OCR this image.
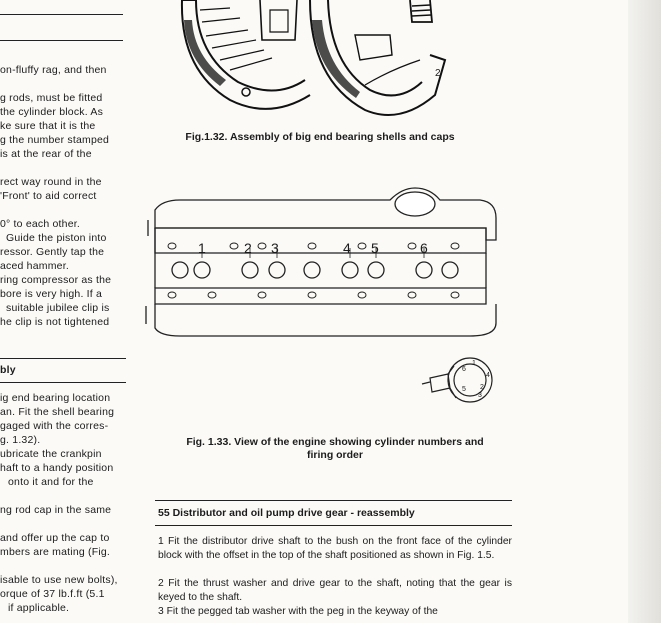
on-fluffy rag, and then
g rods, must be fitted
the cylinder block. As
ke sure that it is the
g the number stamped
is at the rear of the
rect way round in the
'Front' to aid correct
0° to each other.
Guide the piston into
ressor. Gently tap the
aced hammer.
ring compressor as the
bore is very high. If a
suitable jubilee clip is
he clip is not tightened
bly
ig end bearing location
an. Fit the shell bearing
gaged with the corres-
g. 1.32).
ubricate the crankpin
haft to a handy position
onto it and for the
ng rod cap in the same
and offer up the cap to
mbers are mating (Fig.
isable to use new bolts),
orque of 37 lb.f.ft (5.1
if applicable.
2
Fig.1.32. Assembly of big end bearing shells and caps
1	2 3	4 5	6
1
2
3
4
5
6
Fig. 1.33. View of the engine showing cylinder numbers and
firing order
55 Distributor and oil pump drive gear - reassembly
1 Fit the distributor drive shaft to the bush on the front face of the cylinder block with the offset in the top of the shaft positioned as shown in Fig. 1.5.
2 Fit the thrust washer and drive gear to the shaft, noting that the gear is keyed to the shaft.
3 Fit the pegged tab washer with the peg in the keyway of the
